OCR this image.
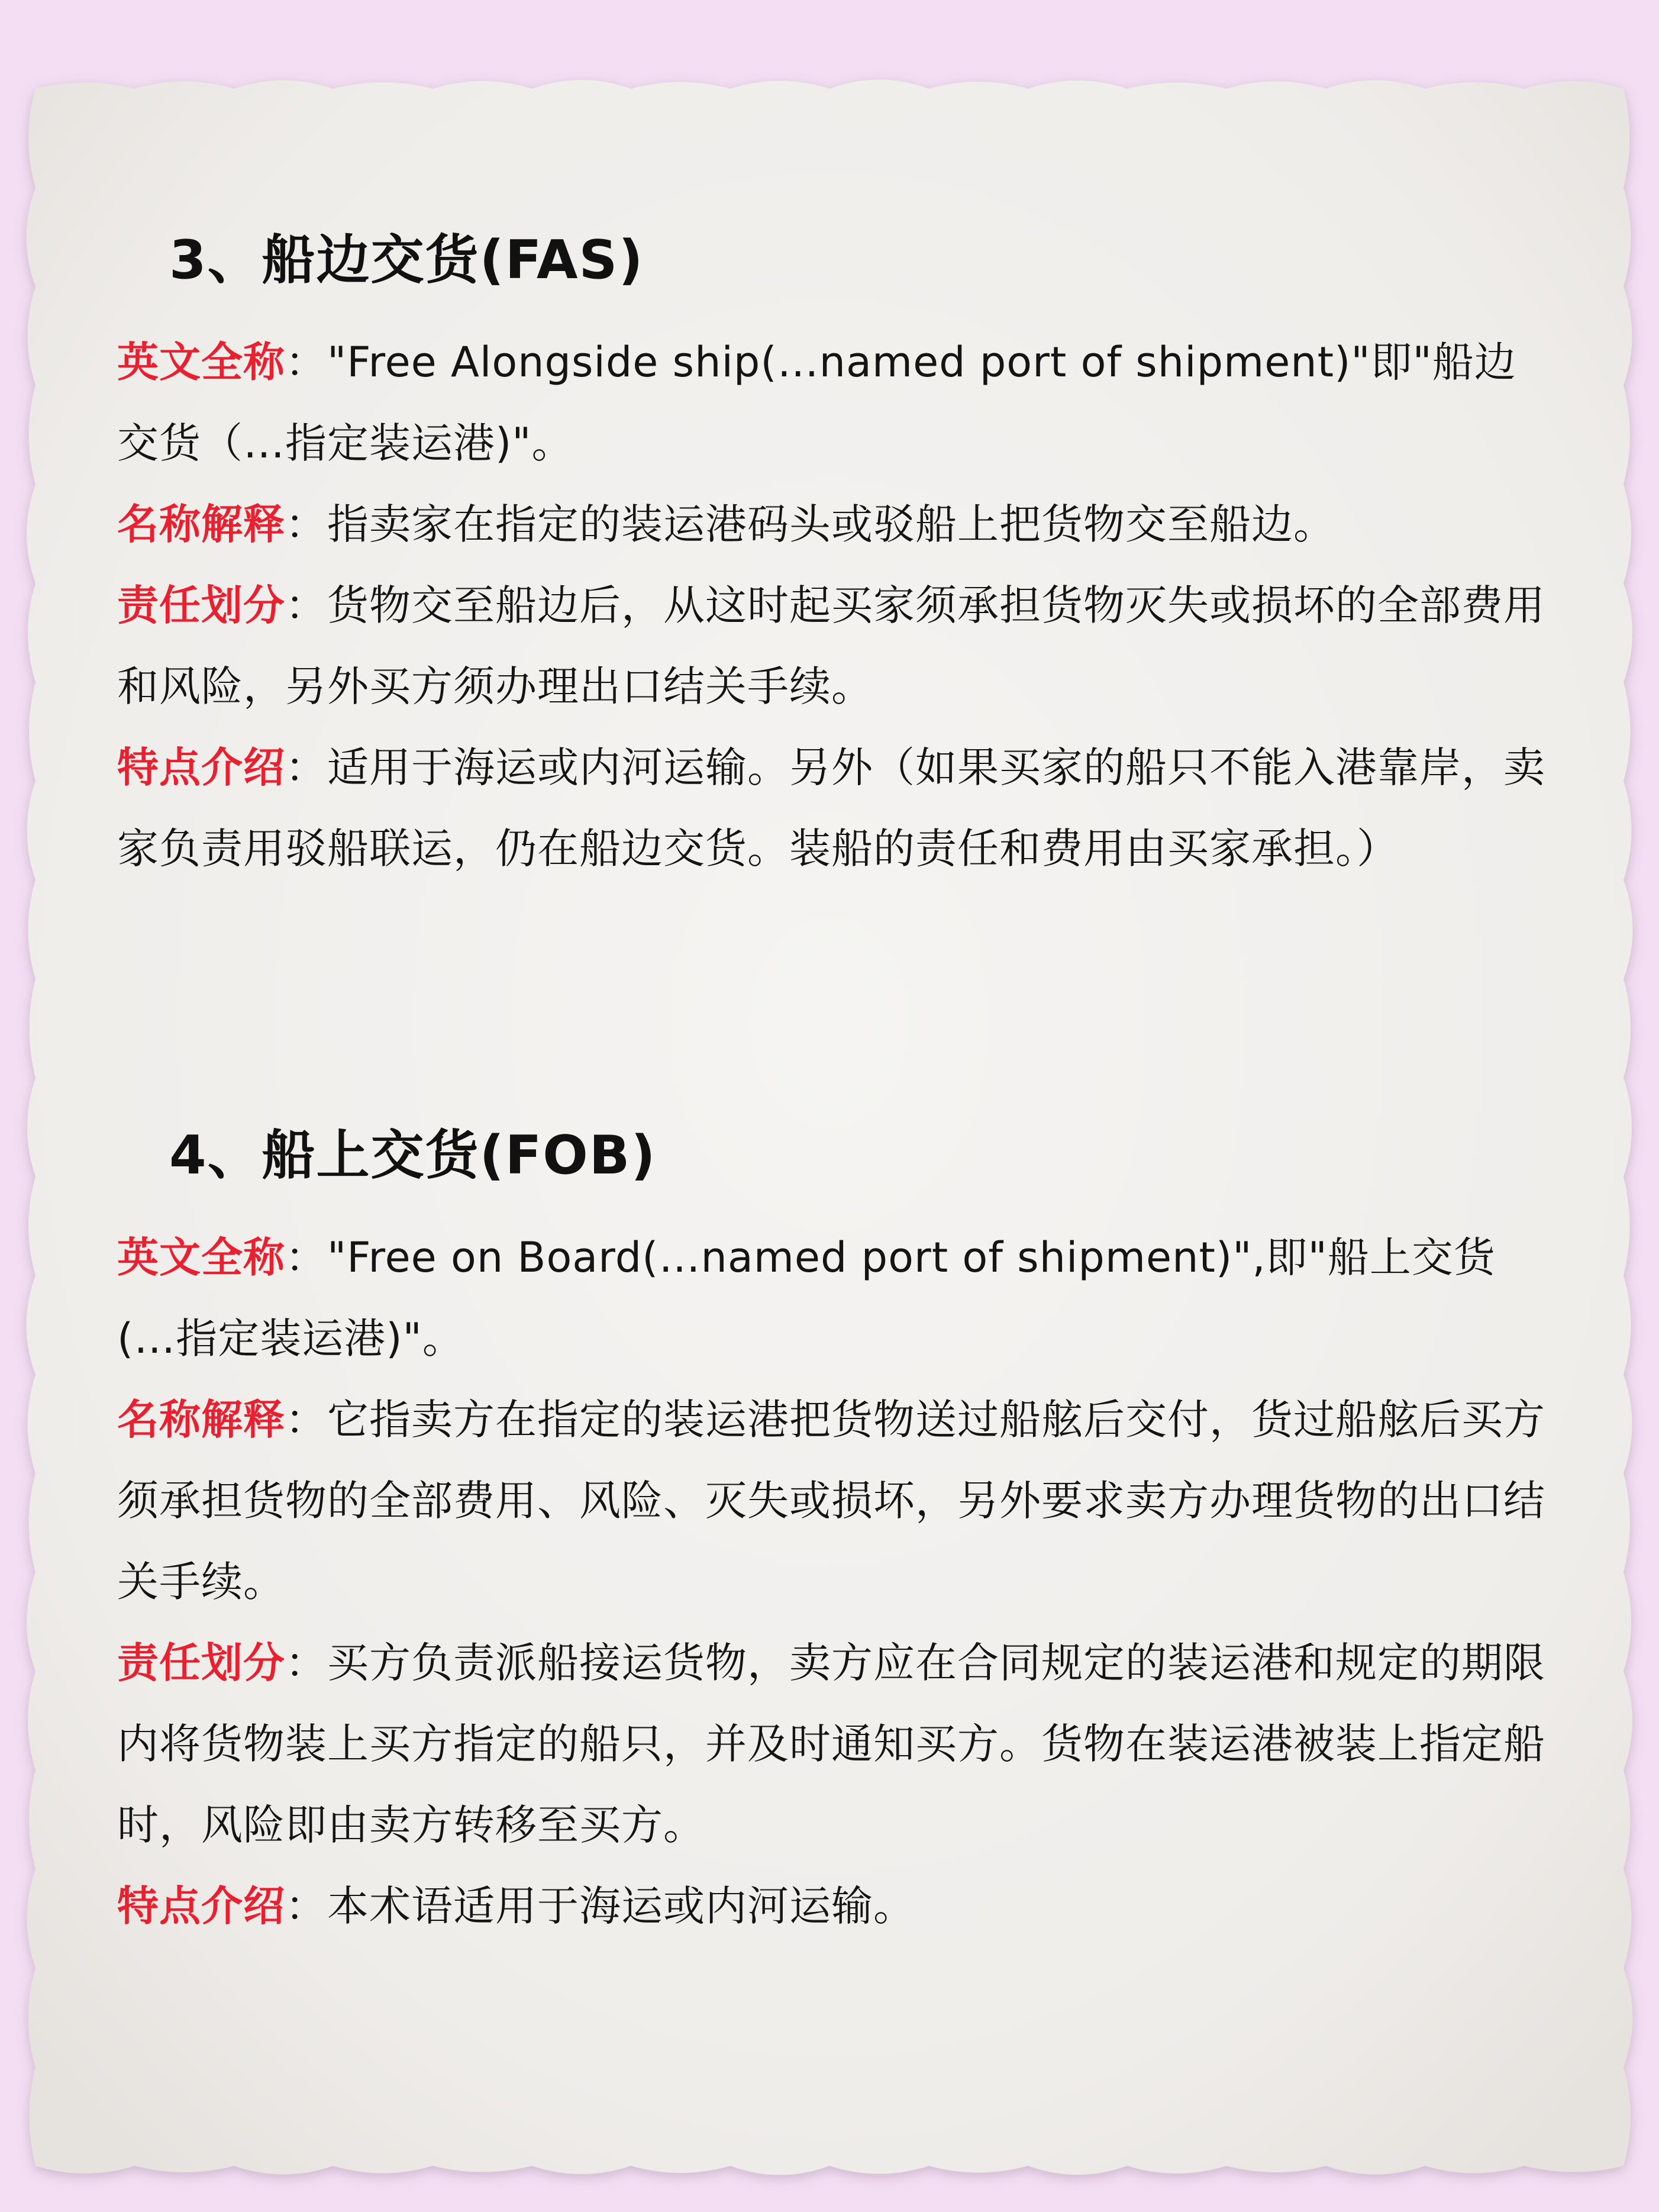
3、船边交货(FAS)

英文全称："Free Alongside ship(…named port of shipment)"即"船边交货（…指定装运港)"。

名称解释：指卖家在指定的装运港码头或驳船上把货物交至船边。

责任划分：货物交至船边后，从这时起买家须承担货物灭失或损坏的全部费用和风险，另外买方须办理出口结关手续。

特点介绍：适用于海运或内河运输。另外（如果买家的船只不能入港靠岸，卖家负责用驳船联运，仍在船边交货。装船的责任和费用由买家承担。）

4、船上交货(FOB)

英文全称："Free on Board(…named port of shipment)",即"船上交货(…指定装运港)"。

名称解释：它指卖方在指定的装运港把货物送过船舷后交付，货过船舷后买方须承担货物的全部费用、风险、灭失或损坏，另外要求卖方办理货物的出口结关手续。

责任划分：买方负责派船接运货物，卖方应在合同规定的装运港和规定的期限内将货物装上买方指定的船只，并及时通知买方。货物在装运港被装上指定船时，风险即由卖方转移至买方。

特点介绍：本术语适用于海运或内河运输。
